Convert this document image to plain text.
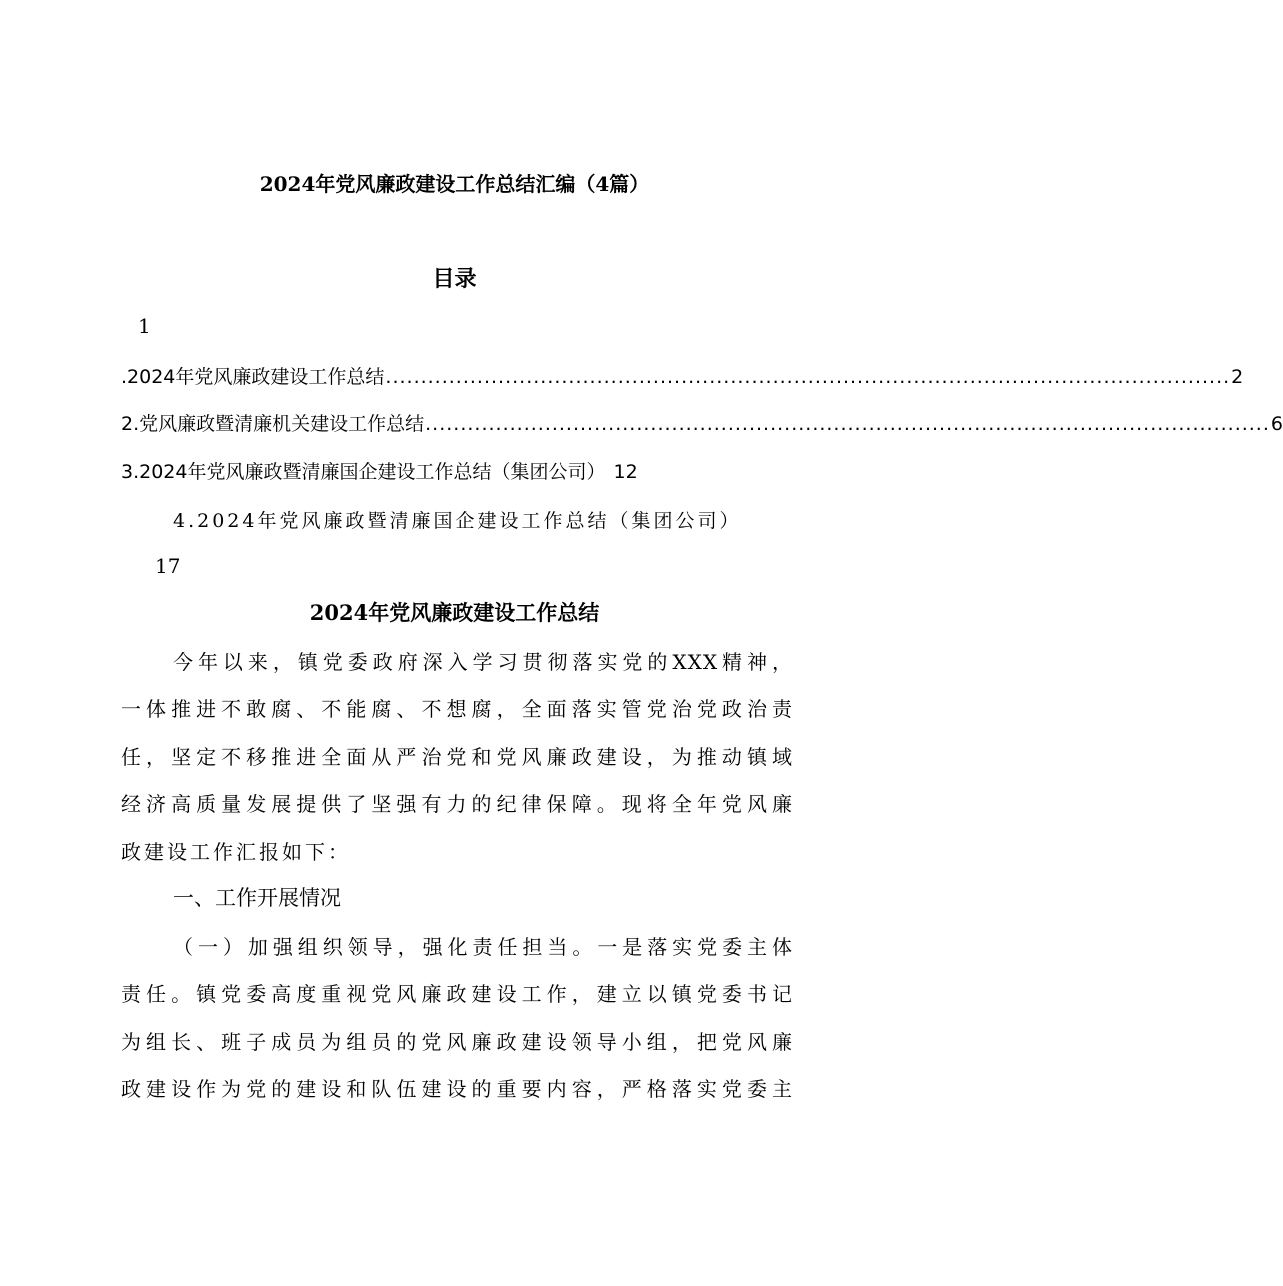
2024年党风廉政建设工作总结汇编（4篇）
目录
1
.2024年党风廉政建设工作总结 ........................................................................................................................ 2
2.党风廉政暨清廉机关建设工作总结 ........................................................................................................................ 6
3.2024年党风廉政暨清廉国企建设工作总结（集团公司） 12
4.2024年党风廉政暨清廉国企建设工作总结（集团公司）
17
2024年党风廉政建设工作总结
今年以来，镇党委政府深入学习贯彻落实党的XXX精神，
一体推进不敢腐、不能腐、不想腐，全面落实管党治党政治责
任，坚定不移推进全面从严治党和党风廉政建设，为推动镇域
经济高质量发展提供了坚强有力的纪律保障。现将全年党风廉
政建设工作汇报如下：
一、工作开展情况
（一）加强组织领导，强化责任担当。一是落实党委主体
责任。镇党委高度重视党风廉政建设工作，建立以镇党委书记
为组长、班子成员为组员的党风廉政建设领导小组，把党风廉
政建设作为党的建设和队伍建设的重要内容，严格落实党委主
